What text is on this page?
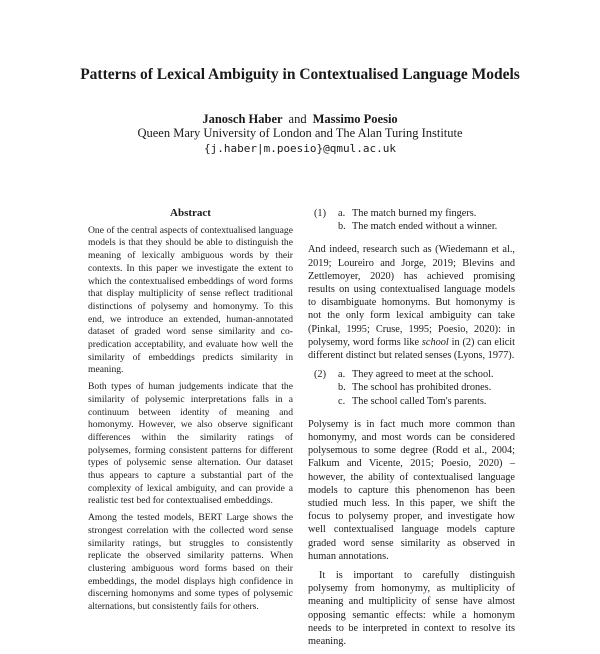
Patterns of Lexical Ambiguity in Contextualised Language Models
Janosch Haber and Massimo Poesio
Queen Mary University of London and The Alan Turing Institute
{j.haber|m.poesio}@qmul.ac.uk
Abstract

One of the central aspects of contextualised language models is that they should be able to distinguish the meaning of lexically ambiguous words by their contexts. In this paper we investigate the extent to which the contextualised embeddings of word forms that display multiplicity of sense reflect traditional distinctions of polysemy and homonymy. To this end, we introduce an extended, human-annotated dataset of graded word sense similarity and co-predication acceptability, and evaluate how well the similarity of embeddings predicts similarity in meaning.

Both types of human judgements indicate that the similarity of polysemic interpretations falls in a continuum between identity of meaning and homonymy. However, we also observe significant differences within the similarity ratings of polysemes, forming consistent patterns for different types of polysemic sense alternation. Our dataset thus appears to capture a substantial part of the complexity of lexical ambiguity, and can provide a realistic test bed for contextualised embeddings.

Among the tested models, BERT Large shows the strongest correlation with the collected word sense similarity ratings, but struggles to consistently replicate the observed similarity patterns. When clustering ambiguous word forms based on their embeddings, the model displays high confidence in discerning homonyms and some types of polysemic alternations, but consistently fails for others.

(1)	a. The match burned my fingers.
b. The match ended without a winner.

And indeed, research such as (Wiedemann et al., 2019; Loureiro and Jorge, 2019; Blevins and Zettlemoyer, 2020) has achieved promising results on using contextualised language models to disambiguate homonyms. But homonymy is not the only form lexical ambiguity can take (Pinkal, 1995; Cruse, 1995; Poesio, 2020): in polysemy, word forms like school in (2) can elicit different distinct but related senses (Lyons, 1977).

(2)	a. They agreed to meet at the school.
b. The school has prohibited drones.
c. The school called Tom's parents.

Polysemy is in fact much more common than homonymy, and most words can be considered polysemous to some degree (Rodd et al., 2004; Falkum and Vicente, 2015; Poesio, 2020) –however, the ability of contextualised language models to capture this phenomenon has been studied much less. In this paper, we shift the focus to polysemy proper, and investigate how well contextualised language models capture graded word sense similarity as observed in human annotations.

It is important to carefully distinguish polysemy from homonymy, as multiplicity of meaning and multiplicity of sense have almost opposing semantic effects: while a homonym needs to be interpreted in context to resolve its meaning.
